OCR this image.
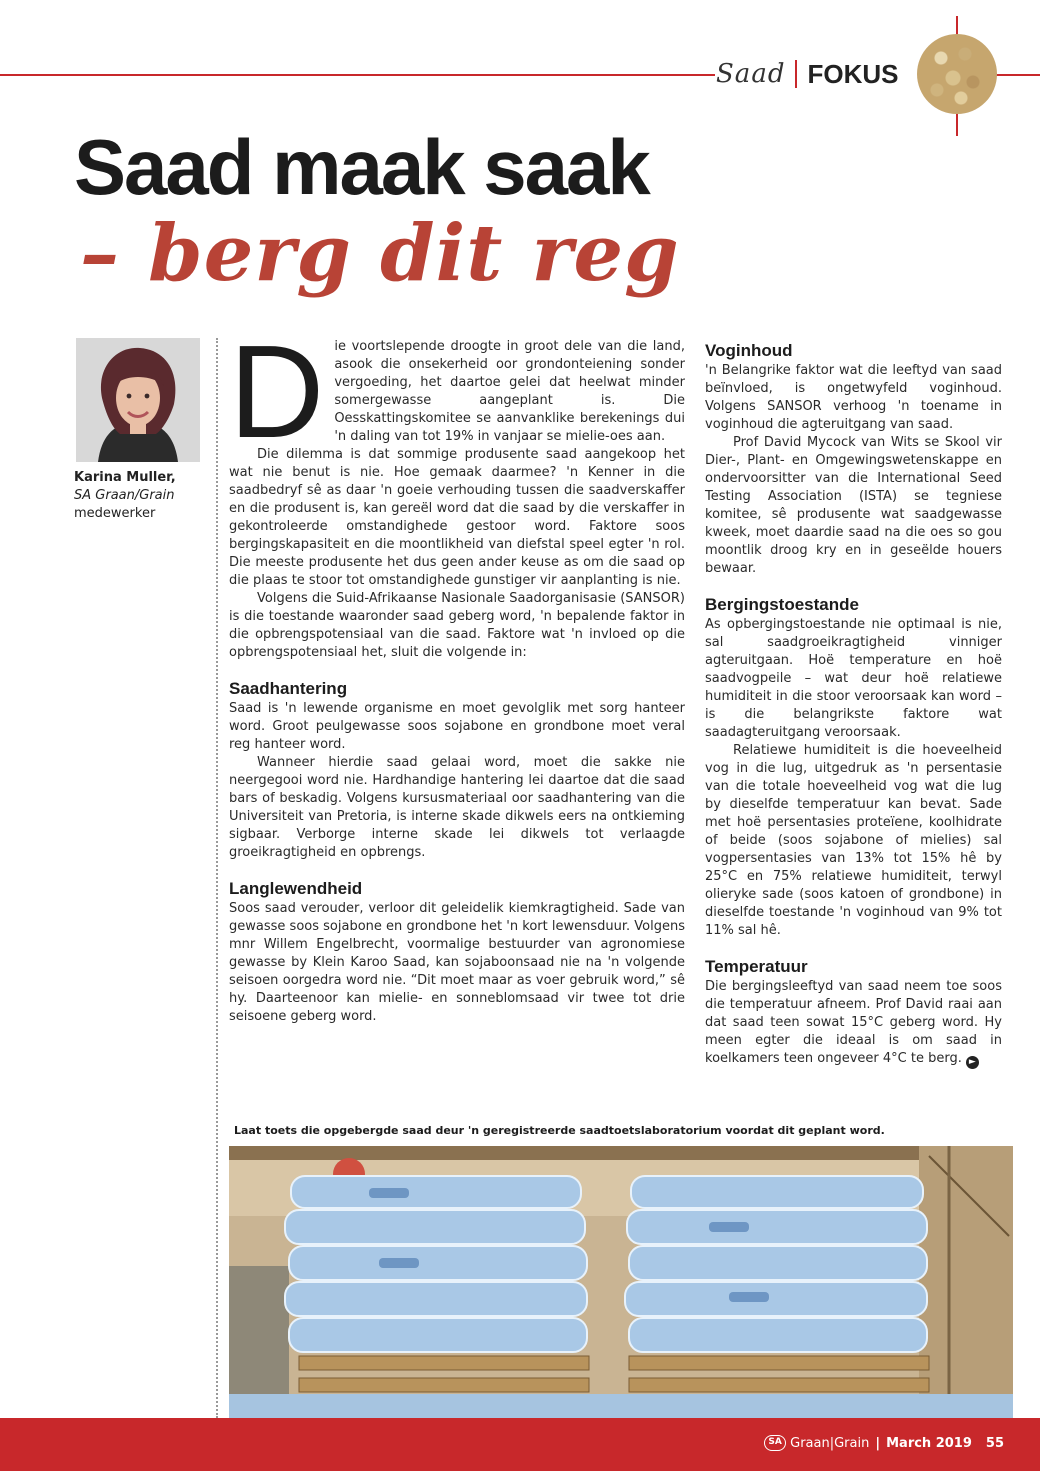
Saad FOKUS
Saad maak saak
– berg dit reg
Karina Muller,
SA Graan/Grain
medewerker
D ie voortslepende droogte in groot dele van die land, asook die onsekerheid oor grondonteiening sonder vergoeding, het daartoe gelei dat heelwat minder somergewasse aangeplant is. Die Oesskattingskomitee se aanvanklike berekenings dui 'n daling van tot 19% in vanjaar se mielie-oes aan.

Die dilemma is dat sommige produsente saad aangekoop het wat nie benut is nie. Hoe gemaak daarmee? 'n Kenner in die saadbedryf sê as daar 'n goeie verhouding tussen die saadverskaffer en die produsent is, kan gereël word dat die saad by die verskaffer in gekontroleerde omstandighede gestoor word. Faktore soos bergingskapasiteit en die moontlikheid van diefstal speel egter 'n rol. Die meeste produsente het dus geen ander keuse as om die saad op die plaas te stoor tot omstandighede gunstiger vir aanplanting is nie.

Volgens die Suid-Afrikaanse Nasionale Saadorganisasie (SANSOR) is die toestande waaronder saad geberg word, 'n bepalende faktor in die opbrengspotensiaal van die saad. Faktore wat 'n invloed op die opbrengspotensiaal het, sluit die volgende in:

Saadhantering

Saad is 'n lewende organisme en moet gevolglik met sorg hanteer word. Groot peulgewasse soos sojabone en grondbone moet veral reg hanteer word.

Wanneer hierdie saad gelaai word, moet die sakke nie neergegooi word nie. Hardhandige hantering lei daartoe dat die saad bars of beskadig. Volgens kursusmateriaal oor saadhantering van die Universiteit van Pretoria, is interne skade dikwels eers na ontkieming sigbaar. Verborge interne skade lei dikwels tot verlaagde groeikragtigheid en opbrengs.

Langlewendheid

Soos saad verouder, verloor dit geleidelik kiemkragtigheid. Sade van gewasse soos sojabone en grondbone het 'n kort lewensduur. Volgens mnr Willem Engelbrecht, voormalige bestuurder van agronomiese gewasse by Klein Karoo Saad, kan sojaboonsaad nie na 'n volgende seisoen oorgedra word nie. “Dit moet maar as voer gebruik word,” sê hy. Daarteenoor kan mielie- en sonneblomsaad vir twee tot drie seisoene geberg word.

Voginhoud

'n Belangrike faktor wat die leeftyd van saad beïnvloed, is ongetwyfeld voginhoud. Volgens SANSOR verhoog 'n toename in voginhoud die agteruitgang van saad.

Prof David Mycock van Wits se Skool vir Dier-, Plant- en Omgewingswetenskappe en ondervoorsitter van die International Seed Testing Association (ISTA) se tegniese komitee, sê produsente wat saadgewasse kweek, moet daardie saad na die oes so gou moontlik droog kry en in geseëlde houers bewaar.

Bergingstoestande

As opbergingstoestande nie optimaal is nie, sal saadgroeikragtigheid vinniger agteruitgaan. Hoë temperature en hoë saadvogpeile – wat deur hoë relatiewe humiditeit in die stoor veroorsaak kan word – is die belangrikste faktore wat saadagteruitgang veroorsaak.

Relatiewe humiditeit is die hoeveelheid vog in die lug, uitgedruk as 'n persentasie van die totale hoeveelheid vog wat die lug by dieselfde temperatuur kan bevat. Sade met hoë persentasies proteïene, koolhidrate of beide (soos sojabone of mielies) sal vogpersentasies van 13% tot 15% hê by 25°C en 75% relatiewe humiditeit, terwyl olieryke sade (soos katoen of grondbone) in dieselfde toestande 'n voginhoud van 9% tot 11% sal hê.

Temperatuur

Die bergingsleeftyd van saad neem toe soos die temperatuur afneem. Prof David raai aan dat saad teen sowat 15°C geberg word. Hy meen egter die ideaal is om saad in koelkamers teen ongeveer 4°C te berg. ►

Laat toets die opgebergde saad deur 'n geregistreerde saadtoetslaboratorium voordat dit geplant word.
SA Graan|Grain | March 2019 55
